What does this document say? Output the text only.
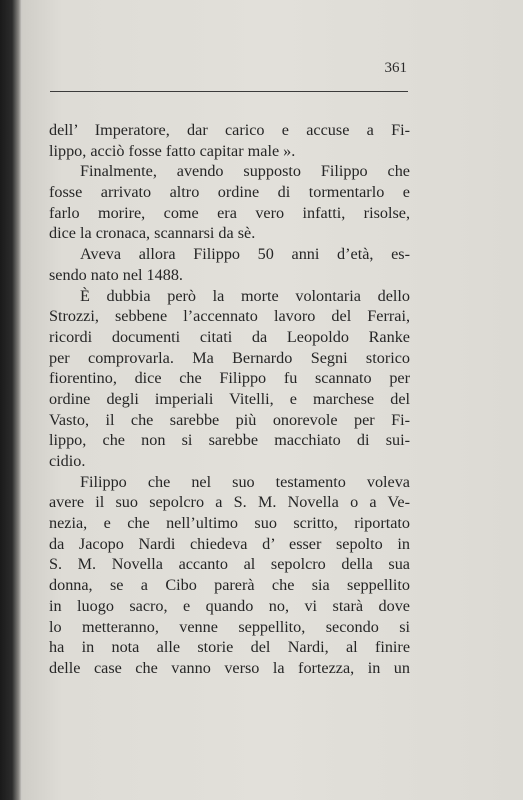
361
dell’ Imperatore, dar carico e accuse a Fi-
lippo, acciò fosse fatto capitar male ».
Finalmente, avendo supposto Filippo che
fosse arrivato altro ordine di tormentarlo e
farlo morire, come era vero infatti, risolse,
dice la cronaca, scannarsi da sè.
Aveva allora Filippo 50 anni d’età, es-
sendo nato nel 1488.
È dubbia però la morte volontaria dello
Strozzi, sebbene l’accennato lavoro del Ferrai,
ricordi documenti citati da Leopoldo Ranke
per comprovarla. Ma Bernardo Segni storico
fiorentino, dice che Filippo fu scannato per
ordine degli imperiali Vitelli, e marchese del
Vasto, il che sarebbe più onorevole per Fi-
lippo, che non si sarebbe macchiato di sui-
cidio.
Filippo che nel suo testamento voleva
avere il suo sepolcro a S. M. Novella o a Ve-
nezia, e che nell’ultimo suo scritto, riportato
da Jacopo Nardi chiedeva d’ esser sepolto in
S. M. Novella accanto al sepolcro della sua
donna, se a Cibo parerà che sia seppellito
in luogo sacro, e quando no, vi starà dove
lo metteranno, venne seppellito, secondo si
ha in nota alle storie del Nardi, al finire
delle case che vanno verso la fortezza, in un
